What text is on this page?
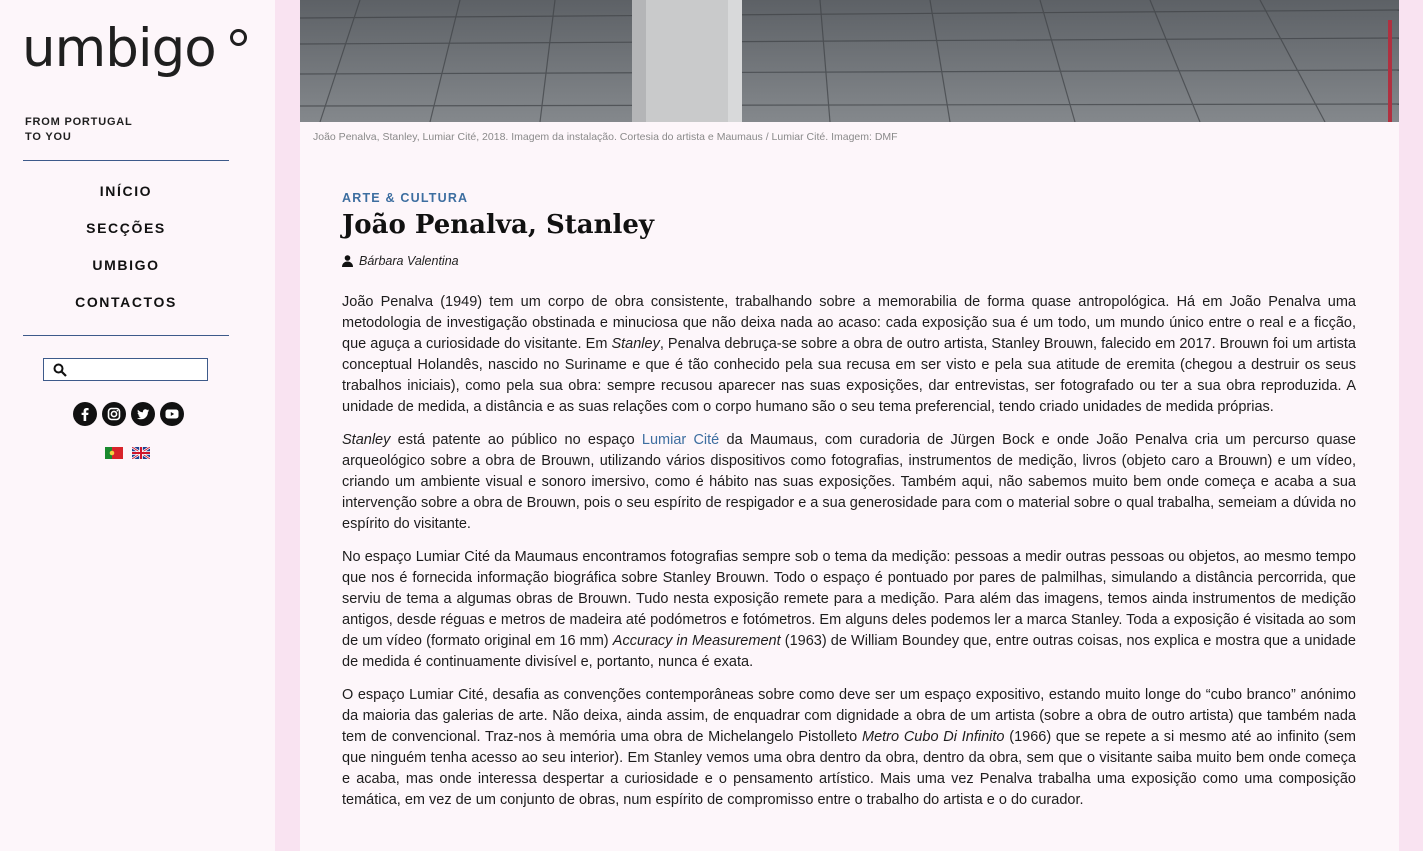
umbigo
FROM PORTUGAL
TO YOU
INÍCIO
SECÇÕES
UMBIGO
CONTACTOS
João Penalva, Stanley, Lumiar Cité, 2018. Imagem da instalação. Cortesia do artista e Maumaus / Lumiar Cité. Imagem: DMF
ARTE & CULTURA
João Penalva, Stanley
Bárbara Valentina

João Penalva (1949) tem um corpo de obra consistente, trabalhando sobre a memorabilia de forma quase antropológica. Há em João Penalva uma metodologia de investigação obstinada e minuciosa que não deixa nada ao acaso: cada exposição sua é um todo, um mundo único entre o real e a ficção, que aguça a curiosidade do visitante. Em Stanley, Penalva debruça-se sobre a obra de outro artista, Stanley Brouwn, falecido em 2017. Brouwn foi um artista conceptual Holandês, nascido no Suriname e que é tão conhecido pela sua recusa em ser visto e pela sua atitude de eremita (chegou a destruir os seus trabalhos iniciais), como pela sua obra: sempre recusou aparecer nas suas exposições, dar entrevistas, ser fotografado ou ter a sua obra reproduzida. A unidade de medida, a distância e as suas relações com o corpo humano são o seu tema preferencial, tendo criado unidades de medida próprias.

Stanley está patente ao público no espaço Lumiar Cité da Maumaus, com curadoria de Jürgen Bock e onde João Penalva cria um percurso quase arqueológico sobre a obra de Brouwn, utilizando vários dispositivos como fotografias, instrumentos de medição, livros (objeto caro a Brouwn) e um vídeo, criando um ambiente visual e sonoro imersivo, como é hábito nas suas exposições. Também aqui, não sabemos muito bem onde começa e acaba a sua intervenção sobre a obra de Brouwn, pois o seu espírito de respigador e a sua generosidade para com o material sobre o qual trabalha, semeiam a dúvida no espírito do visitante.

No espaço Lumiar Cité da Maumaus encontramos fotografias sempre sob o tema da medição: pessoas a medir outras pessoas ou objetos, ao mesmo tempo que nos é fornecida informação biográfica sobre Stanley Brouwn. Todo o espaço é pontuado por pares de palmilhas, simulando a distância percorrida, que serviu de tema a algumas obras de Brouwn. Tudo nesta exposição remete para a medição. Para além das imagens, temos ainda instrumentos de medição antigos, desde réguas e metros de madeira até podómetros e fotómetros. Em alguns deles podemos ler a marca Stanley. Toda a exposição é visitada ao som de um vídeo (formato original em 16 mm) Accuracy in Measurement (1963) de William Boundey que, entre outras coisas, nos explica e mostra que a unidade de medida é continuamente divisível e, portanto, nunca é exata.

O espaço Lumiar Cité, desafia as convenções contemporâneas sobre como deve ser um espaço expositivo, estando muito longe do “cubo branco” anónimo da maioria das galerias de arte. Não deixa, ainda assim, de enquadrar com dignidade a obra de um artista (sobre a obra de outro artista) que também nada tem de convencional. Traz-nos à memória uma obra de Michelangelo Pistolleto Metro Cubo Di Infinito (1966) que se repete a si mesmo até ao infinito (sem que ninguém tenha acesso ao seu interior). Em Stanley vemos uma obra dentro da obra, dentro da obra, sem que o visitante saiba muito bem onde começa e acaba, mas onde interessa despertar a curiosidade e o pensamento artístico. Mais uma vez Penalva trabalha uma exposição como uma composição temática, em vez de um conjunto de obras, num espírito de compromisso entre o trabalho do artista e o do curador.
